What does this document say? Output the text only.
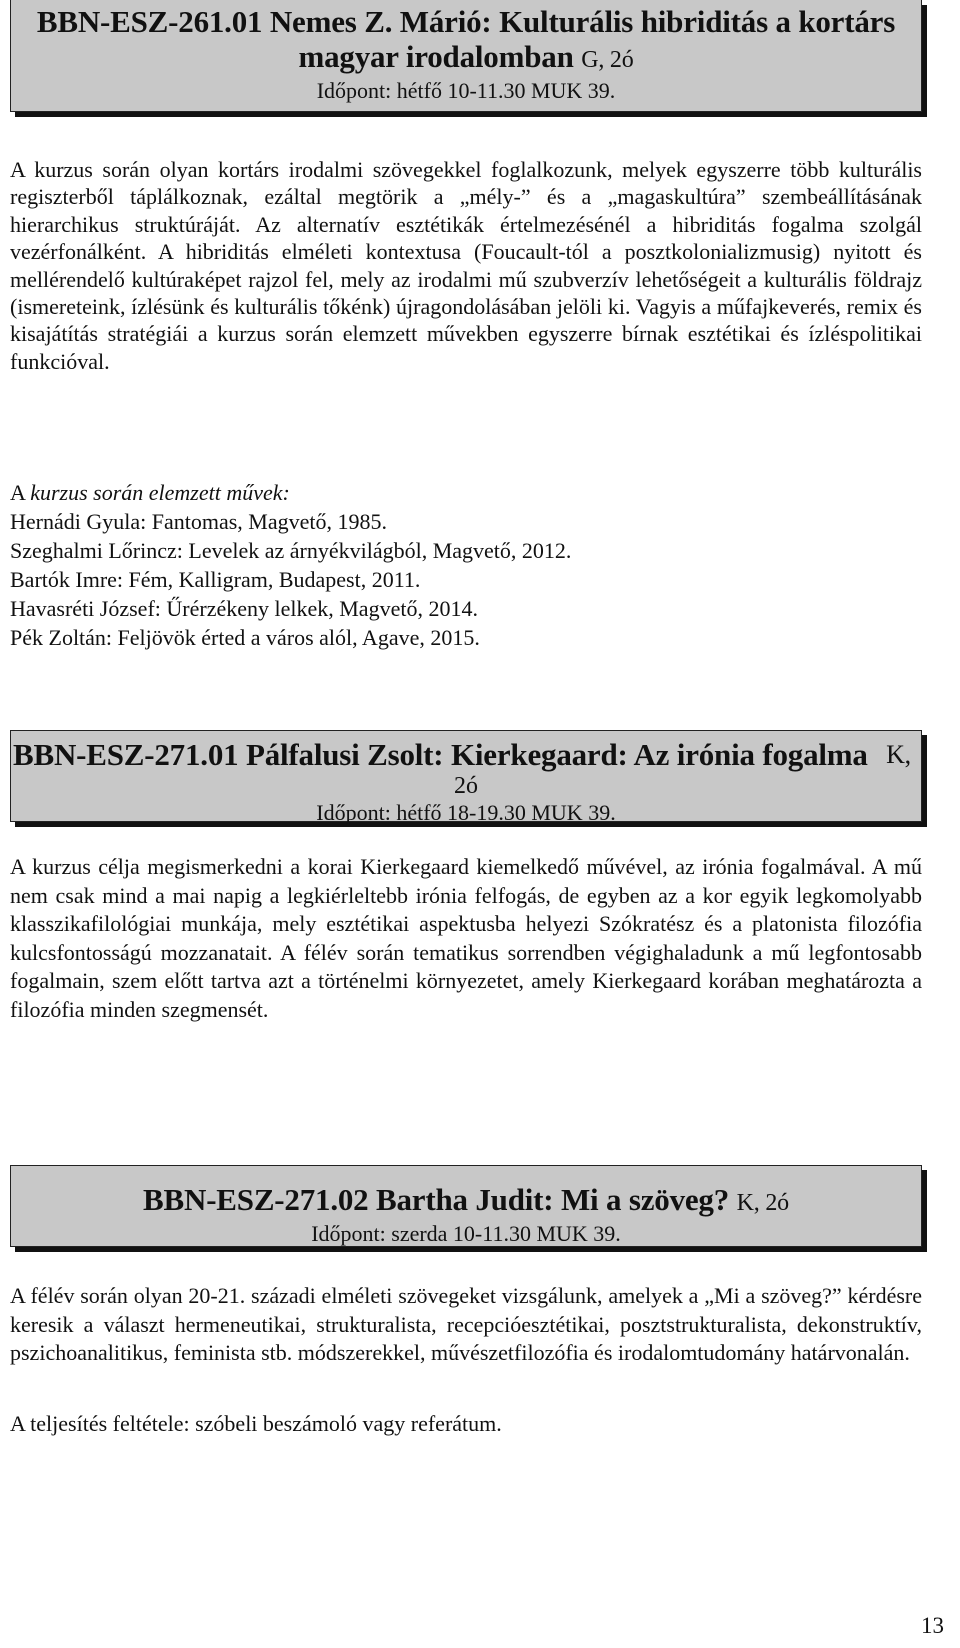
BBN-ESZ-261.01 Nemes Z. Márió: Kulturális hibriditás a kortárs
magyar irodalomban G, 2ó
Időpont: hétfő 10-11.30 MUK 39.

A kurzus során olyan kortárs irodalmi szövegekkel foglalkozunk, melyek egyszerre több kulturális regiszterből táplálkoznak, ezáltal megtörik a „mély-” és a „magaskultúra” szembeállításának hierarchikus struktúráját. Az alternatív esztétikák értelmezésénél a hibriditás fogalma szolgál vezérfonálként. A hibriditás elméleti kontextusa (Foucault-tól a posztkolonializmusig) nyitott és mellérendelő kultúraképet rajzol fel, mely az irodalmi mű szubverzív lehetőségeit a kulturális földrajz (ismereteink, ízlésünk és kulturális tőkénk) újragondolásában jelöli ki. Vagyis a műfajkeverés, remix és kisajátítás stratégiái a kurzus során elemzett művekben egyszerre bírnak esztétikai és ízléspolitikai funkcióval.

A kurzus során elemzett művek:
Hernádi Gyula: Fantomas, Magvető, 1985.
Szeghalmi Lőrincz: Levelek az árnyékvilágból, Magvető, 2012.
Bartók Imre: Fém, Kalligram, Budapest, 2011.
Havasréti József: Űrérzékeny lelkek, Magvető, 2014.
Pék Zoltán: Feljövök érted a város alól, Agave, 2015.

BBN-ESZ-271.01 Pálfalusi Zsolt: Kierkegaard: Az irónia fogalma K,
2ó
Időpont: hétfő 18-19.30 MUK 39.

A kurzus célja megismerkedni a korai Kierkegaard kiemelkedő művével, az irónia fogalmával. A mű nem csak mind a mai napig a legkiérleltebb irónia felfogás, de egyben az a kor egyik legkomolyabb klasszikafilológiai munkája, mely esztétikai aspektusba helyezi Szókratész és a platonista filozófia kulcsfontosságú mozzanatait. A félév során tematikus sorrendben végighaladunk a mű legfontosabb fogalmain, szem előtt tartva azt a történelmi környezetet, amely Kierkegaard korában meghatározta a filozófia minden szegmensét.

BBN-ESZ-271.02 Bartha Judit: Mi a szöveg? K, 2ó
Időpont: szerda 10-11.30 MUK 39.

A félév során olyan 20-21. századi elméleti szövegeket vizsgálunk, amelyek a „Mi a szöveg?” kérdésre keresik a választ hermeneutikai, strukturalista, recepcióesztétikai, posztstrukturalista, dekonstruktív, pszichoanalitikus, feminista stb. módszerekkel, művészetfilozófia és irodalomtudomány határvonalán.

A teljesítés feltétele: szóbeli beszámoló vagy referátum.

13
